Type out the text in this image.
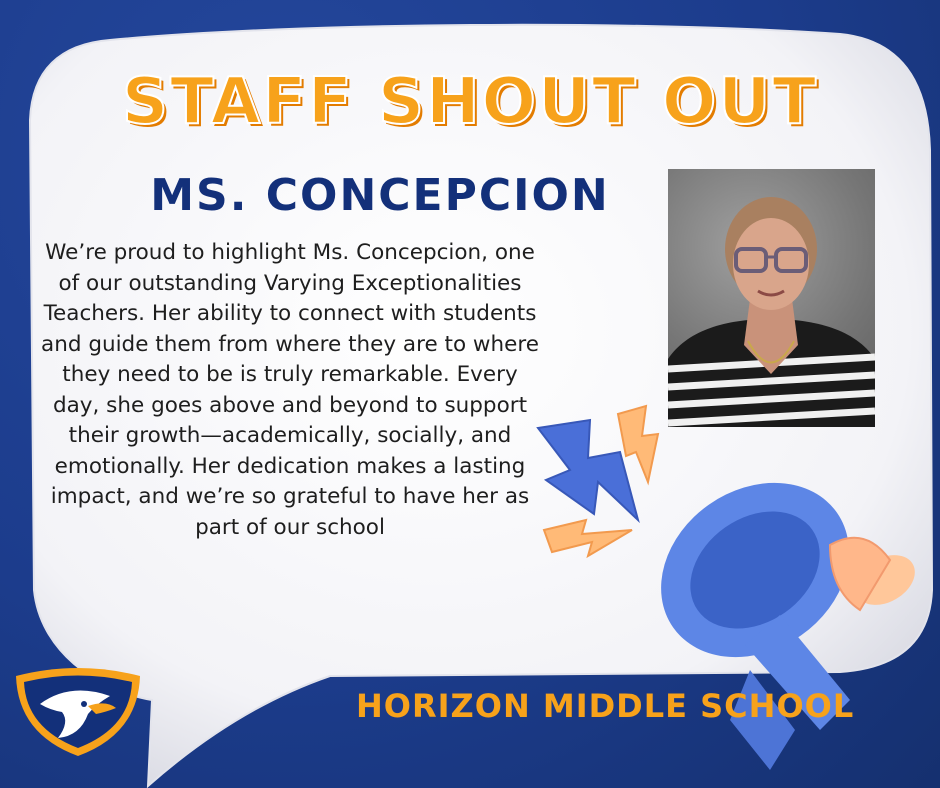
STAFF SHOUT OUT
MS. CONCEPCION
We’re proud to highlight Ms. Concepcion, one of our outstanding Varying Exceptionalities Teachers. Her ability to connect with students and guide them from where they are to where they need to be is truly remarkable. Every day, she goes above and beyond to support their growth—academically, socially, and emotionally. Her dedication makes a lasting impact, and we’re so grateful to have her as part of our school
HORIZON MIDDLE SCHOOL
